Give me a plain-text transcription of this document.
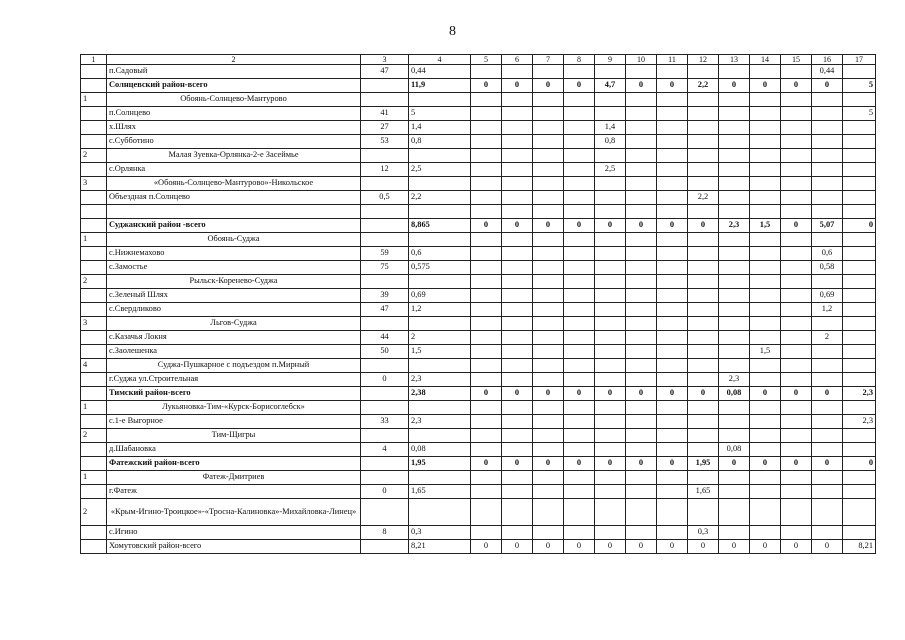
8
1	2	3	4	5	6	7	8	9	10	11	12	13	14	15	16	17
	п.Садовый	47	0,44												0,44	
	Солнцевский район-всего		11,9	0	0	0	0	4,7	0	0	2,2	0	0	0	0	5
1	Обоянь-Солнцево-Мантурово															
	п.Солнцево	41	5													5
	х.Шлях	27	1,4					1,4								
	с.Субботино	53	0,8					0,8								
2	Малая Зуевка-Орлянка-2-е Засеймье															
	с.Орлянка	12	2,5					2,5								
3	«Обоянь-Солнцево-Мантурово»-Никольское															
	Объездная п.Солнцево	0,5	2,2								2,2					

	Суджанский район -всего		8,865	0	0	0	0	0	0	0	0	2,3	1,5	0	5,07	0
1	Обоянь-Суджа															
	с.Нижнемахово	59	0,6												0,6	
	с.Замостье	75	0,575												0,58	
2	Рыльск-Коренево-Суджа															
	с.Зеленый Шлях	39	0,69												0,69	
	с.Свердликово	47	1,2												1,2	
3	Льгов-Суджа															
	с.Казачья Локня	44	2												2	
	с.Заолешенка	50	1,5										1,5			
4	Суджа-Пушкарное с подъездом п.Мирный															
	г.Суджа ул.Строительная	0	2,3									2,3				
	Тимский район-всего		2,38	0	0	0	0	0	0	0	0	0,08	0	0	0	2,3
1	Лукьяновка-Тим-«Курск-Борисоглебск»															
	с.1-е Выгорное	33	2,3													2,3
2	Тим-Щигры															
	д.Шабановка	4	0,08									0,08				
	Фатежский район-всего		1,95	0	0	0	0	0	0	0	1,95	0	0	0	0	0
1	Фатеж-Дмитриев															
	г.Фатеж	0	1,65								1,65					
2	«Крым-Игино-Троицкое»-«Тросна-Калиновка»-Михайловка-Линец»															
	с.Игино	8	0,3								0,3					
	Хомутовский район-всего		8,21	0	0	0	0	0	0	0	0	0	0	0	0	8,21
